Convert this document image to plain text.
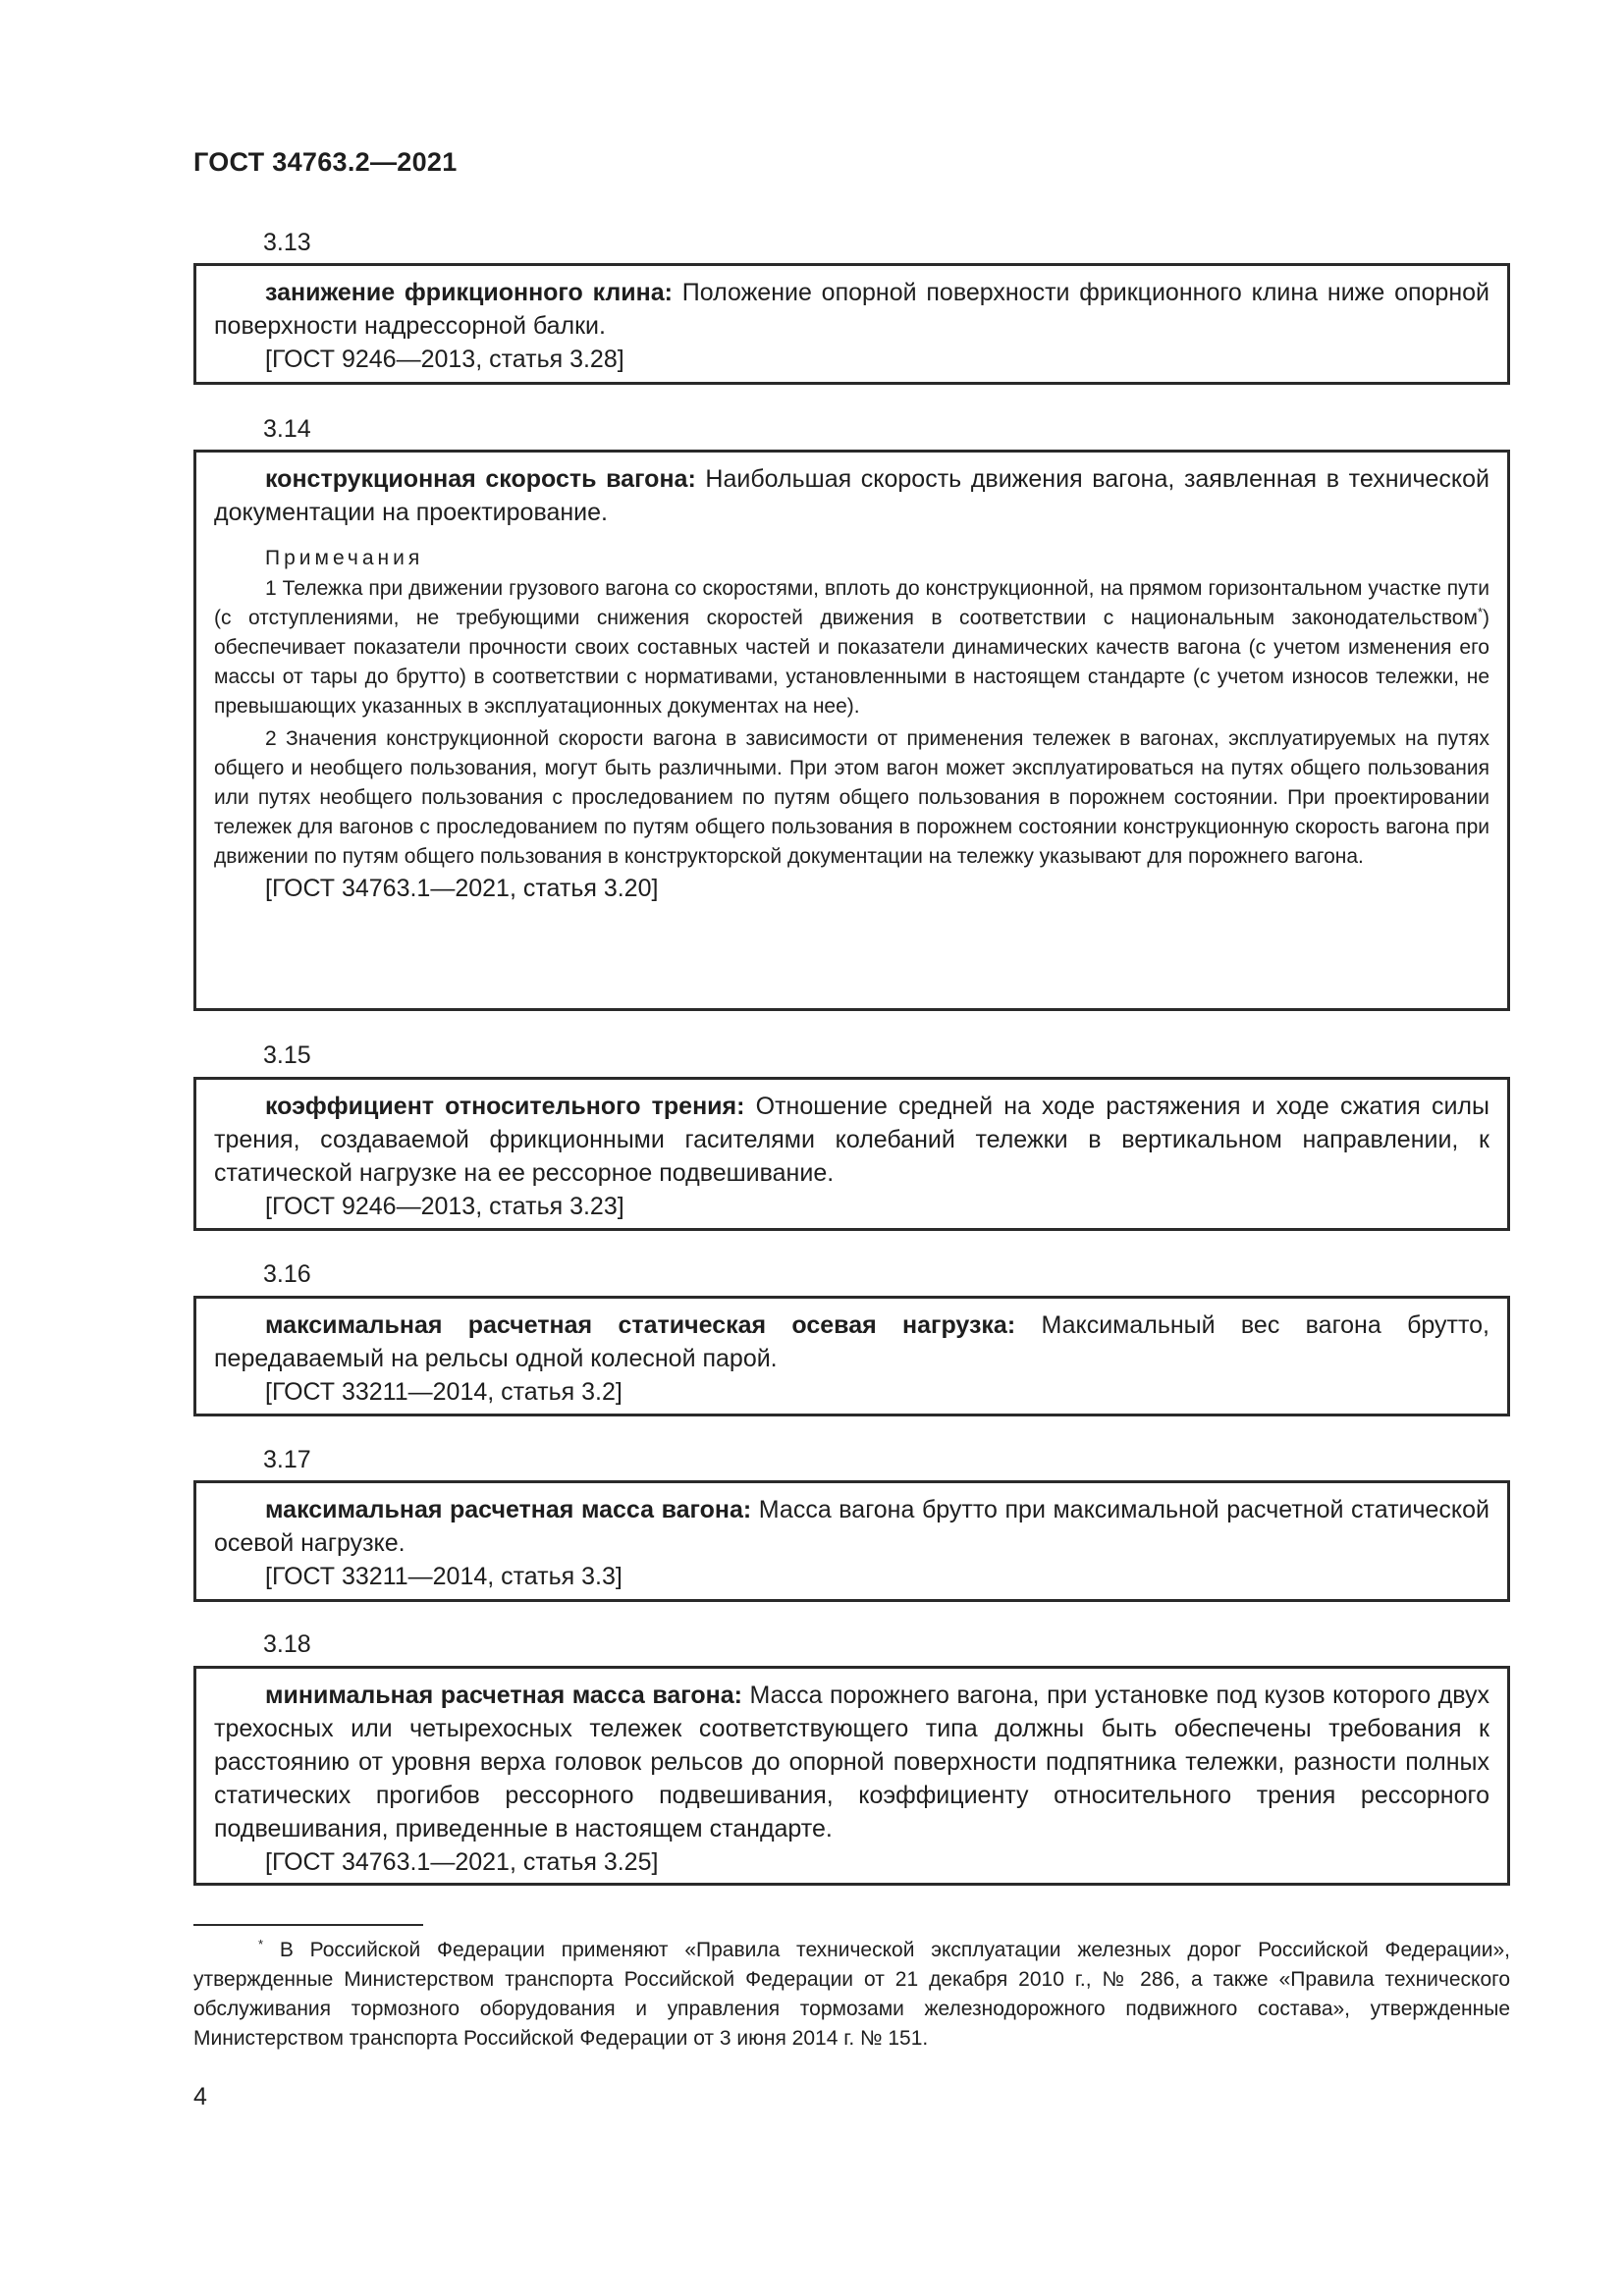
ГОСТ 34763.2—2021
3.13

занижение фрикционного клина: Положение опорной поверхности фрикционного клина ниже опорной поверхности надрессорной балки.

[ГОСТ 9246—2013, статья 3.28]

3.14

конструкционная скорость вагона: Наибольшая скорость движения вагона, заявленная в технической документации на проектирование.

Примечания

1 Тележка при движении грузового вагона со скоростями, вплоть до конструкционной, на прямом горизонтальном участке пути (с отступлениями, не требующими снижения скоростей движения в соответствии с национальным законодательством*) обеспечивает показатели прочности своих составных частей и показатели динамических качеств вагона (с учетом изменения его массы от тары до брутто) в соответствии с нормативами, установленными в настоящем стандарте (с учетом износов тележки, не превышающих указанных в эксплуатационных документах на нее).

2 Значения конструкционной скорости вагона в зависимости от применения тележек в вагонах, эксплуатируемых на путях общего и необщего пользования, могут быть различными. При этом вагон может эксплуатироваться на путях общего пользования или путях необщего пользования с проследованием по путям общего пользования в порожнем состоянии. При проектировании тележек для вагонов с проследованием по путям общего пользования в порожнем состоянии конструкционную скорость вагона при движении по путям общего пользования в конструкторской документации на тележку указывают для порожнего вагона.

[ГОСТ 34763.1—2021, статья 3.20]

3.15

коэффициент относительного трения: Отношение средней на ходе растяжения и ходе сжатия силы трения, создаваемой фрикционными гасителями колебаний тележки в вертикальном направлении, к статической нагрузке на ее рессорное подвешивание.

[ГОСТ 9246—2013, статья 3.23]

3.16

максимальная расчетная статическая осевая нагрузка: Максимальный вес вагона брутто, передаваемый на рельсы одной колесной парой.

[ГОСТ 33211—2014, статья 3.2]

3.17

максимальная расчетная масса вагона: Масса вагона брутто при максимальной расчетной статической осевой нагрузке.

[ГОСТ 33211—2014, статья 3.3]

3.18

минимальная расчетная масса вагона: Масса порожнего вагона, при установке под кузов которого двух трехосных или четырехосных тележек соответствующего типа должны быть обеспечены требования к расстоянию от уровня верха головок рельсов до опорной поверхности подпятника тележки, разности полных статических прогибов рессорного подвешивания, коэффициенту относительного трения рессорного подвешивания, приведенные в настоящем стандарте.

[ГОСТ 34763.1—2021, статья 3.25]

* В Российской Федерации применяют «Правила технической эксплуатации железных дорог Российской Федерации», утвержденные Министерством транспорта Российской Федерации от 21 декабря 2010 г., № 286, а также «Правила технического обслуживания тормозного оборудования и управления тормозами железнодорожного подвижного состава», утвержденные Министерством транспорта Российской Федерации от 3 июня 2014 г. № 151.

4
